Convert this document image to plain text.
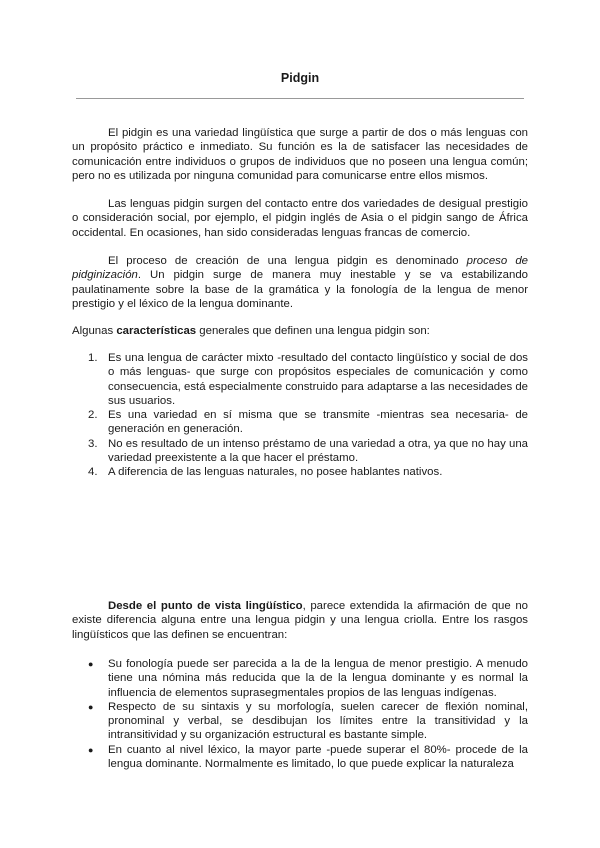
Pidgin

El pidgin es una variedad lingüística que surge a partir de dos o más lenguas con un propósito práctico e inmediato. Su función es la de satisfacer las necesidades de comunicación entre individuos o grupos de individuos que no poseen una lengua común; pero no es utilizada por ninguna comunidad para comunicarse entre ellos mismos.

Las lenguas pidgin surgen del contacto entre dos variedades de desigual prestigio o consideración social, por ejemplo, el pidgin inglés de Asia o el pidgin sango de África occidental. En ocasiones, han sido consideradas lenguas francas de comercio.

El proceso de creación de una lengua pidgin es denominado proceso de pidginización. Un pidgin surge de manera muy inestable y se va estabilizando paulatinamente sobre la base de la gramática y la fonología de la lengua de menor prestigio y el léxico de la lengua dominante.

Algunas características generales que definen una lengua pidgin son:

1. Es una lengua de carácter mixto -resultado del contacto lingüístico y social de dos o más lenguas- que surge con propósitos especiales de comunicación y como consecuencia, está especialmente construido para adaptarse a las necesidades de sus usuarios.
2. Es una variedad en sí misma que se transmite -mientras sea necesaria- de generación en generación.
3. No es resultado de un intenso préstamo de una variedad a otra, ya que no hay una variedad preexistente a la que hacer el préstamo.
4. A diferencia de las lenguas naturales, no posee hablantes nativos.

Desde el punto de vista lingüístico, parece extendida la afirmación de que no existe diferencia alguna entre una lengua pidgin y una lengua criolla. Entre los rasgos lingüísticos que las definen se encuentran:

● Su fonología puede ser parecida a la de la lengua de menor prestigio. A menudo tiene una nómina más reducida que la de la lengua dominante y es normal la influencia de elementos suprasegmentales propios de las lenguas indígenas.
● Respecto de su sintaxis y su morfología, suelen carecer de flexión nominal, pronominal y verbal, se desdibujan los límites entre la transitividad y la intransitividad y su organización estructural es bastante simple.
● En cuanto al nivel léxico, la mayor parte -puede superar el 80%- procede de la lengua dominante. Normalmente es limitado, lo que puede explicar la naturaleza
